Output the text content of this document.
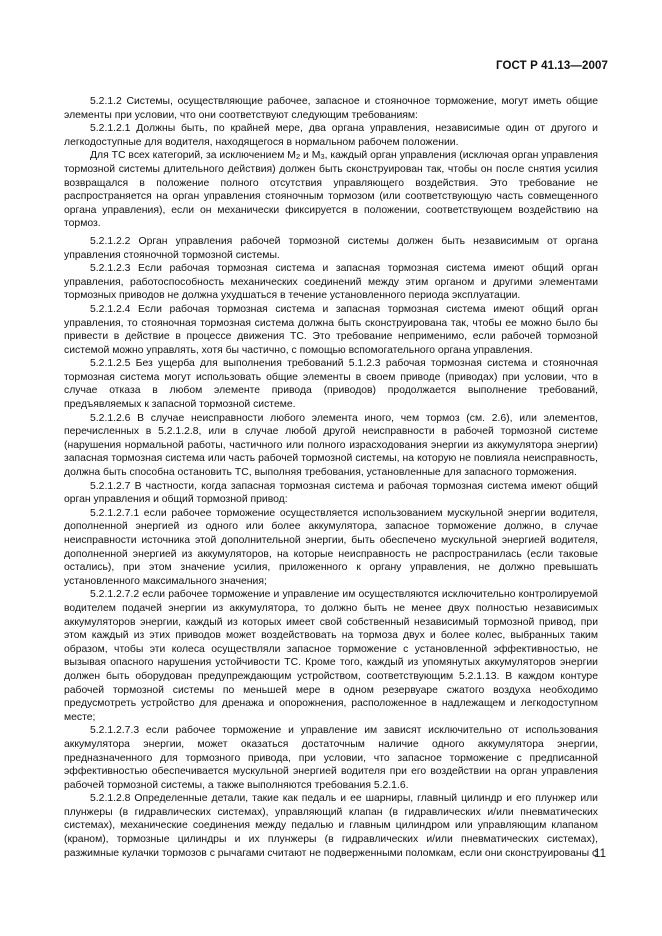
ГОСТ Р 41.13—2007

5.2.1.2 Системы, осуществляющие рабочее, запасное и стояночное торможение, могут иметь общие элементы при условии, что они соответствуют следующим требованиям:

5.2.1.2.1 Должны быть, по крайней мере, два органа управления, независимые один от другого и легкодоступные для водителя, находящегося в нормальном рабочем положении.

Для ТС всех категорий, за исключением $M_2$ и $M_3$, каждый орган управления (исключая орган управления тормозной системы длительного действия) должен быть сконструирован так, чтобы он после снятия усилия возвращался в положение полного отсутствия управляющего воздействия. Это требование не распространяется на орган управления стояночным тормозом (или соответствующую часть совмещенного органа управления), если он механически фиксируется в положении, соответствующем воздействию на тормоз.

5.2.1.2.2 Орган управления рабочей тормозной системы должен быть независимым от органа управления стояночной тормозной системы.

5.2.1.2.3 Если рабочая тормозная система и запасная тормозная система имеют общий орган управления, работоспособность механических соединений между этим органом и другими элементами тормозных приводов не должна ухудшаться в течение установленного периода эксплуатации.

5.2.1.2.4 Если рабочая тормозная система и запасная тормозная система имеют общий орган управления, то стояночная тормозная система должна быть сконструирована так, чтобы ее можно было бы привести в действие в процессе движения ТС. Это требование неприменимо, если рабочей тормозной системой можно управлять, хотя бы частично, с помощью вспомогательного органа управления.

5.2.1.2.5 Без ущерба для выполнения требований 5.1.2.3 рабочая тормозная система и стояночная тормозная система могут использовать общие элементы в своем приводе (приводах) при условии, что в случае отказа в любом элементе привода (приводов) продолжается выполнение требований, предъявляемых к запасной тормозной системе.

5.2.1.2.6 В случае неисправности любого элемента иного, чем тормоз (см. 2.6), или элементов, перечисленных в 5.2.1.2.8, или в случае любой другой неисправности в рабочей тормозной системе (нарушения нормальной работы, частичного или полного израсходования энергии из аккумулятора энергии) запасная тормозная система или часть рабочей тормозной системы, на которую не повлияла неисправность, должна быть способна остановить ТС, выполняя требования, установленные для запасного торможения.

5.2.1.2.7 В частности, когда запасная тормозная система и рабочая тормозная система имеют общий орган управления и общий тормозной привод:

5.2.1.2.7.1 если рабочее торможение осуществляется использованием мускульной энергии водителя, дополненной энергией из одного или более аккумулятора, запасное торможение должно, в случае неисправности источника этой дополнительной энергии, быть обеспечено мускульной энергией водителя, дополненной энергией из аккумуляторов, на которые неисправность не распространилась (если таковые остались), при этом значение усилия, приложенного к органу управления, не должно превышать установленного максимального значения;

5.2.1.2.7.2 если рабочее торможение и управление им осуществляются исключительно контролируемой водителем подачей энергии из аккумулятора, то должно быть не менее двух полностью независимых аккумуляторов энергии, каждый из которых имеет свой собственный независимый тормозной привод, при этом каждый из этих приводов может воздействовать на тормоза двух и более колес, выбранных таким образом, чтобы эти колеса осуществляли запасное торможение с установленной эффективностью, не вызывая опасного нарушения устойчивости ТС. Кроме того, каждый из упомянутых аккумуляторов энергии должен быть оборудован предупреждающим устройством, соответствующим 5.2.1.13. В каждом контуре рабочей тормозной системы по меньшей мере в одном резервуаре сжатого воздуха необходимо предусмотреть устройство для дренажа и опорожнения, расположенное в надлежащем и легкодоступном месте;

5.2.1.2.7.3 если рабочее торможение и управление им зависят исключительно от использования аккумулятора энергии, может оказаться достаточным наличие одного аккумулятора энергии, предназначенного для тормозного привода, при условии, что запасное торможение с предписанной эффективностью обеспечивается мускульной энергией водителя при его воздействии на орган управления рабочей тормозной системы, а также выполняются требования 5.2.1.6.

5.2.1.2.8 Определенные детали, такие как педаль и ее шарниры, главный цилиндр и его плунжер или плунжеры (в гидравлических системах), управляющий клапан (в гидравлических и/или пневматических системах), механические соединения между педалью и главным цилиндром или управляющим клапаном (краном), тормозные цилиндры и их плунжеры (в гидравлических и/или пневматических системах), разжимные кулачки тормозов с рычагами считают не подверженными поломкам, если они сконструированы с

11
